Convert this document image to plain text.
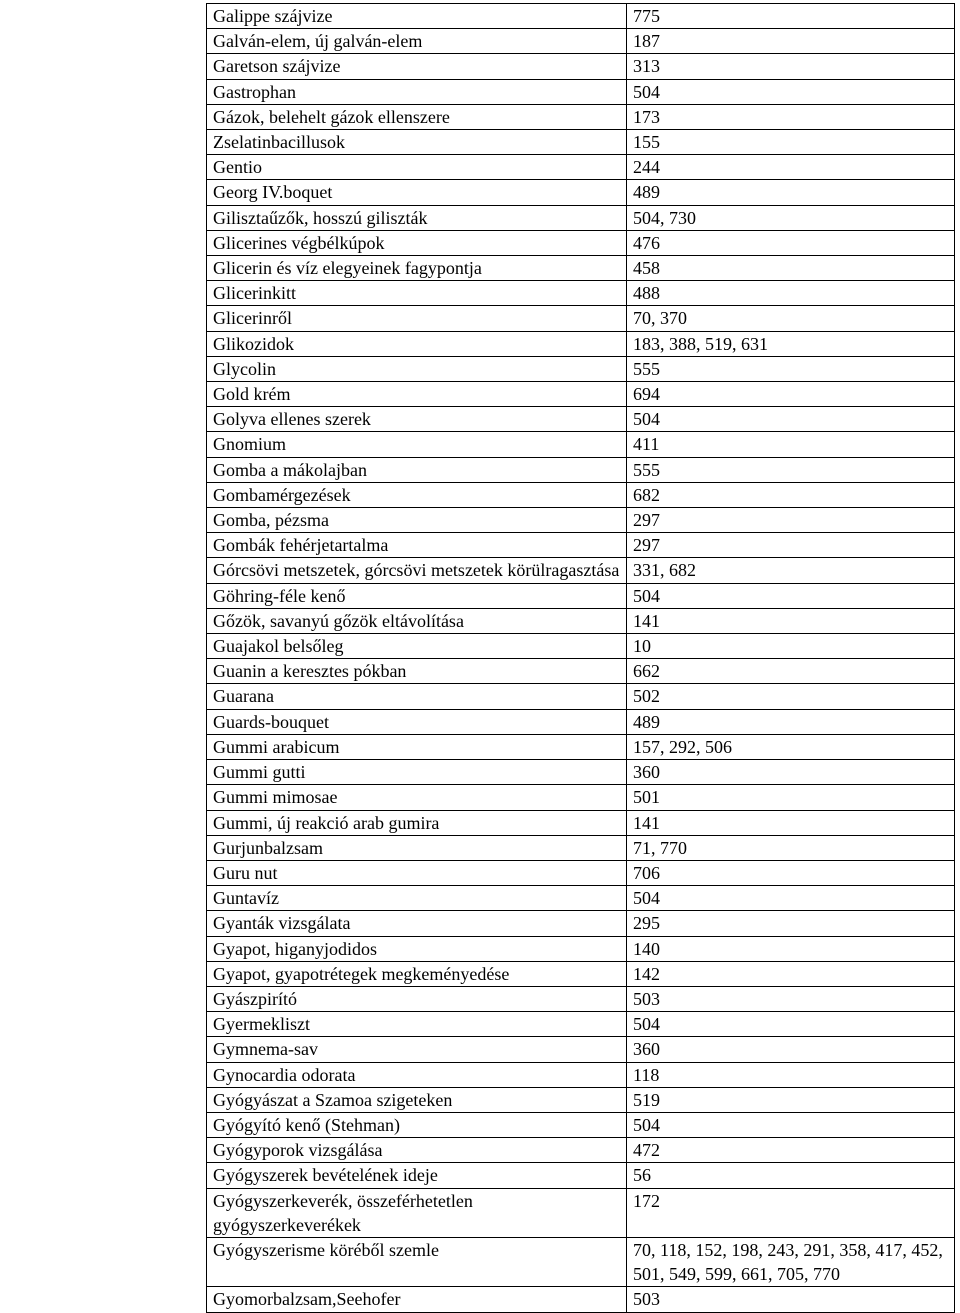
Galippe szájvize	775
Galván-elem, új galván-elem	187
Garetson szájvize	313
Gastrophan	504
Gázok, belehelt gázok ellenszere	173
Zselatinbacillusok	155
Gentio	244
Georg IV.boquet	489
Gilisztaűzők, hosszú giliszták	504, 730
Glicerines végbélkúpok	476
Glicerin és víz elegyeinek fagypontja	458
Glicerinkitt	488
Glicerinről	70, 370
Glikozidok	183, 388, 519, 631
Glycolin	555
Gold krém	694
Golyva ellenes szerek	504
Gnomium	411
Gomba a mákolajban	555
Gombamérgezések	682
Gomba, pézsma	297
Gombák fehérjetartalma	297
Górcsövi metszetek, górcsövi metszetek körülragasztása	331, 682
Göhring-féle kenő	504
Gőzök, savanyú gőzök eltávolítása	141
Guajakol belsőleg	10
Guanin a keresztes pókban	662
Guarana	502
Guards-bouquet	489
Gummi arabicum	157, 292, 506
Gummi gutti	360
Gummi mimosae	501
Gummi, új reakció arab gumira	141
Gurjunbalzsam	71, 770
Guru nut	706
Guntavíz	504
Gyanták vizsgálata	295
Gyapot, higanyjodidos	140
Gyapot, gyapotrétegek megkeményedése	142
Gyászpirító	503
Gyermekliszt	504
Gymnema-sav	360
Gynocardia odorata	118
Gyógyászat a Szamoa szigeteken	519
Gyógyító kenő (Stehman)	504
Gyógyporok vizsgálása	472
Gyógyszerek bevételének ideje	56
Gyógyszerkeverék, összeférhetetlen gyógyszerkeverékek	172
Gyógyszerisme köréből szemle	70, 118, 152, 198, 243, 291, 358, 417, 452, 501, 549, 599, 661, 705, 770
Gyomorbalzsam,Seehofer	503
